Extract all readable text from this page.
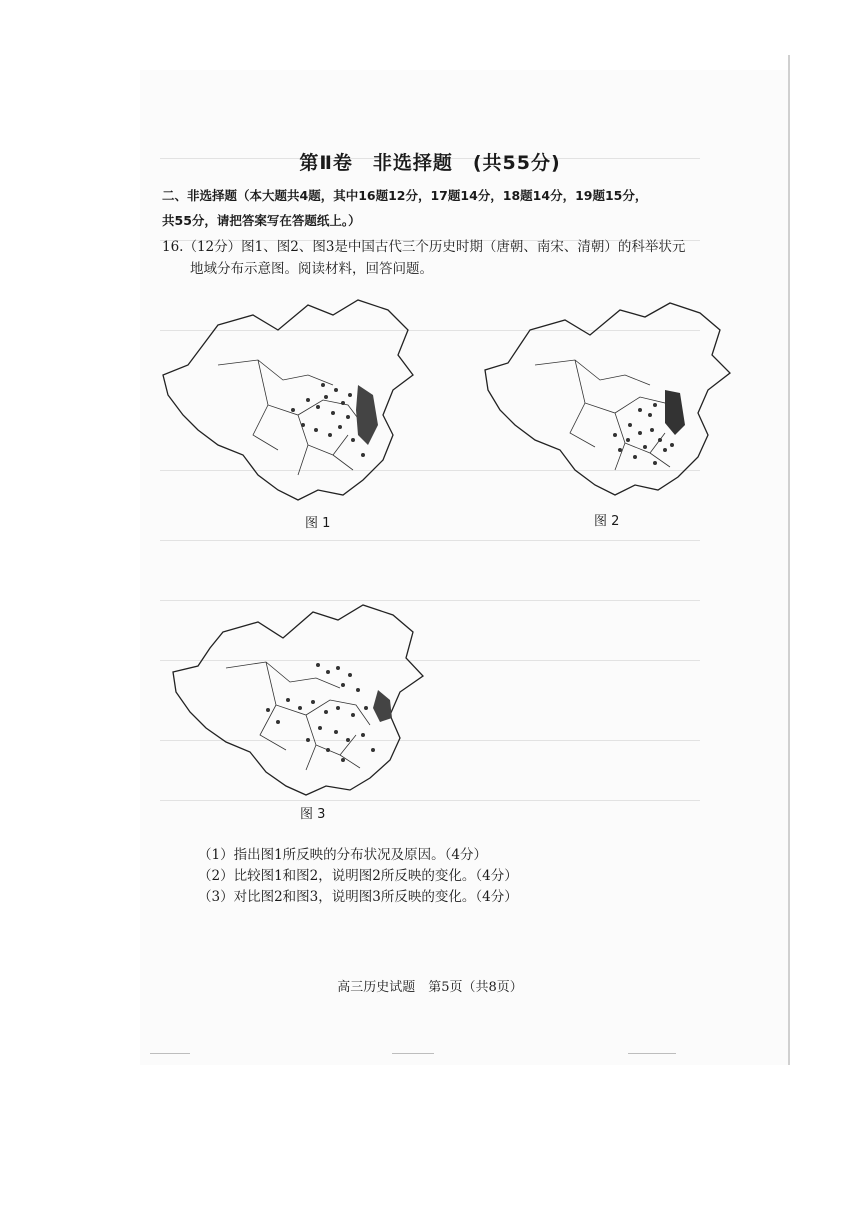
第Ⅱ卷　非选择题　(共55分)
二、非选择题（本大题共4题，其中16题12分，17题14分，18题14分，19题15分，
共55分，请把答案写在答题纸上。）
16.（12分）图1、图2、图3是中国古代三个历史时期（唐朝、南宋、清朝）的科举状元
地域分布示意图。阅读材料，回答问题。
图 1	图 2
图 3
（1）指出图1所反映的分布状况及原因。（4分）
（2）比较图1和图2，说明图2所反映的变化。（4分）
（3）对比图2和图3，说明图3所反映的变化。（4分）
高三历史试题　第5页（共8页）
